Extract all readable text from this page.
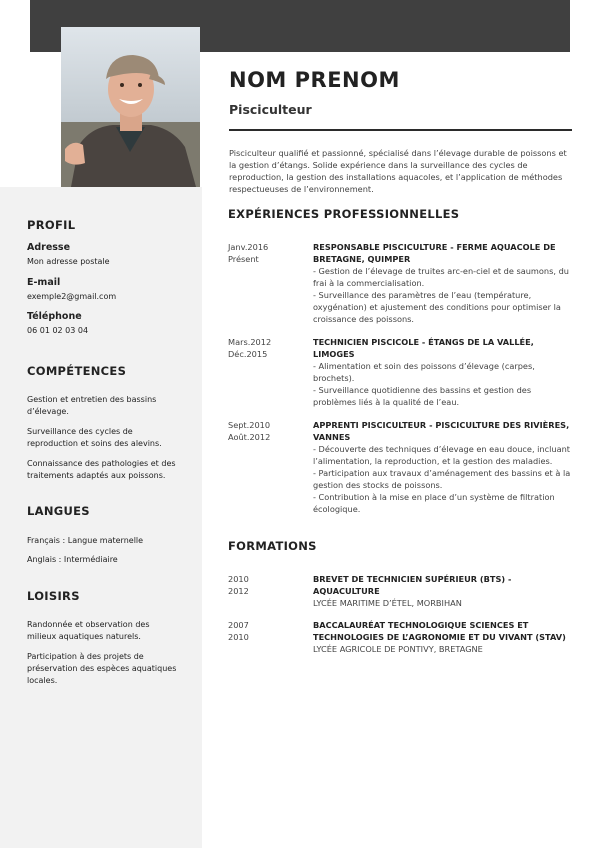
NOM PRENOM
Pisciculteur
Pisciculteur qualifié et passionné, spécialisé dans l’élevage durable de poissons et la gestion d’étangs. Solide expérience dans la surveillance des cycles de reproduction, la gestion des installations aquacoles, et l’application de méthodes respectueuses de l’environnement.
PROFIL
Adresse
Mon adresse postale
E-mail
exemple2@gmail.com
Téléphone
06 01 02 03 04
COMPÉTENCES
Gestion et entretien des bassins d’élevage.
Surveillance des cycles de reproduction et soins des alevins.
Connaissance des pathologies et des traitements adaptés aux poissons.
LANGUES
Français : Langue maternelle
Anglais : Intermédiaire
LOISIRS
Randonnée et observation des milieux aquatiques naturels.
Participation à des projets de préservation des espèces aquatiques locales.
EXPÉRIENCES PROFESSIONNELLES
Janv.2016
Présent
RESPONSABLE PISCICULTURE - FERME AQUACOLE DE BRETAGNE, QUIMPER
- Gestion de l’élevage de truites arc-en-ciel et de saumons, du frai à la commercialisation.
- Surveillance des paramètres de l’eau (température, oxygénation) et ajustement des conditions pour optimiser la croissance des poissons.
Mars.2012
Déc.2015
TECHNICIEN PISCICOLE - ÉTANGS DE LA VALLÉE, LIMOGES
- Alimentation et soin des poissons d’élevage (carpes, brochets).
- Surveillance quotidienne des bassins et gestion des problèmes liés à la qualité de l’eau.
Sept.2010
Août.2012
APPRENTI PISCICULTEUR - PISCICULTURE DES RIVIÈRES, VANNES
- Découverte des techniques d’élevage en eau douce, incluant l’alimentation, la reproduction, et la gestion des maladies.
- Participation aux travaux d’aménagement des bassins et à la gestion des stocks de poissons.
- Contribution à la mise en place d’un système de filtration écologique.
FORMATIONS
2010
2012
BREVET DE TECHNICIEN SUPÉRIEUR (BTS) - AQUACULTURE
LYCÉE MARITIME D’ÉTEL, MORBIHAN
2007
2010
BACCALAURÉAT TECHNOLOGIQUE SCIENCES ET TECHNOLOGIES DE L’AGRONOMIE ET DU VIVANT (STAV)
LYCÉE AGRICOLE DE PONTIVY, BRETAGNE
